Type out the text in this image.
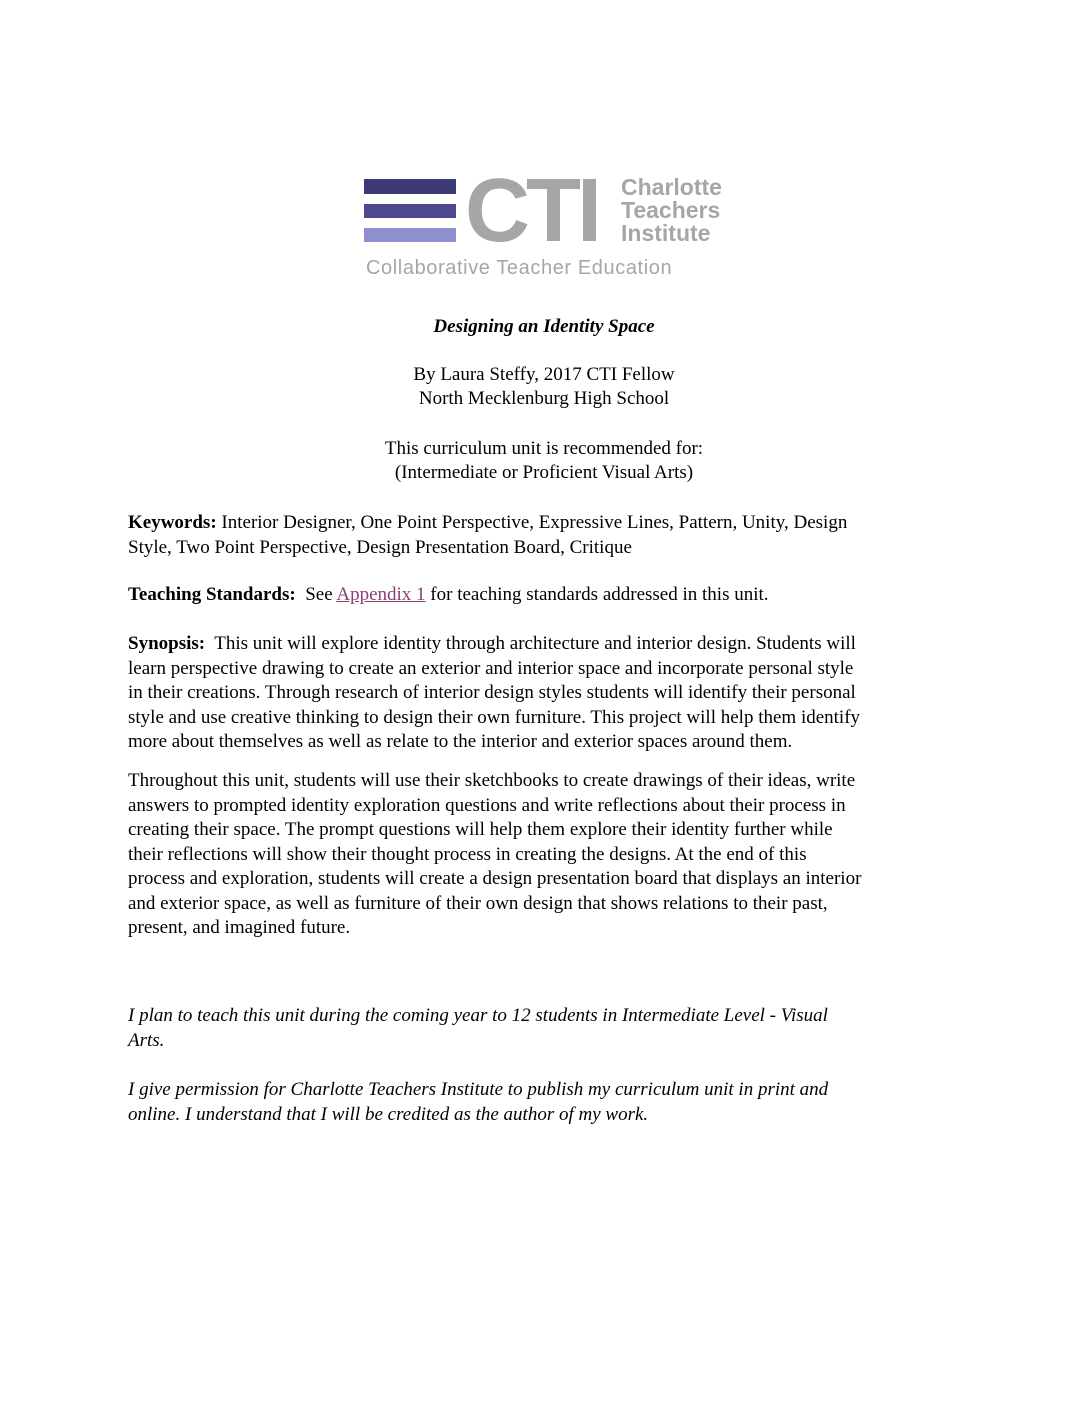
CTI Charlotte
Teachers
Institute
Collaborative Teacher Education
Designing an Identity Space
By Laura Steffy, 2017 CTI Fellow
North Mecklenburg High School
This curriculum unit is recommended for:
(Intermediate or Proficient Visual Arts)
Keywords: Interior Designer, One Point Perspective, Expressive Lines, Pattern, Unity, Design
Style, Two Point Perspective, Design Presentation Board, Critique
Teaching Standards:  See Appendix 1 for teaching standards addressed in this unit.
Synopsis:  This unit will explore identity through architecture and interior design. Students will
learn perspective drawing to create an exterior and interior space and incorporate personal style
in their creations. Through research of interior design styles students will identify their personal
style and use creative thinking to design their own furniture. This project will help them identify
more about themselves as well as relate to the interior and exterior spaces around them.
Throughout this unit, students will use their sketchbooks to create drawings of their ideas, write
answers to prompted identity exploration questions and write reflections about their process in
creating their space. The prompt questions will help them explore their identity further while
their reflections will show their thought process in creating the designs. At the end of this
process and exploration, students will create a design presentation board that displays an interior
and exterior space, as well as furniture of their own design that shows relations to their past,
present, and imagined future.
I plan to teach this unit during the coming year to 12 students in Intermediate Level - Visual
Arts.
I give permission for Charlotte Teachers Institute to publish my curriculum unit in print and
online. I understand that I will be credited as the author of my work.
